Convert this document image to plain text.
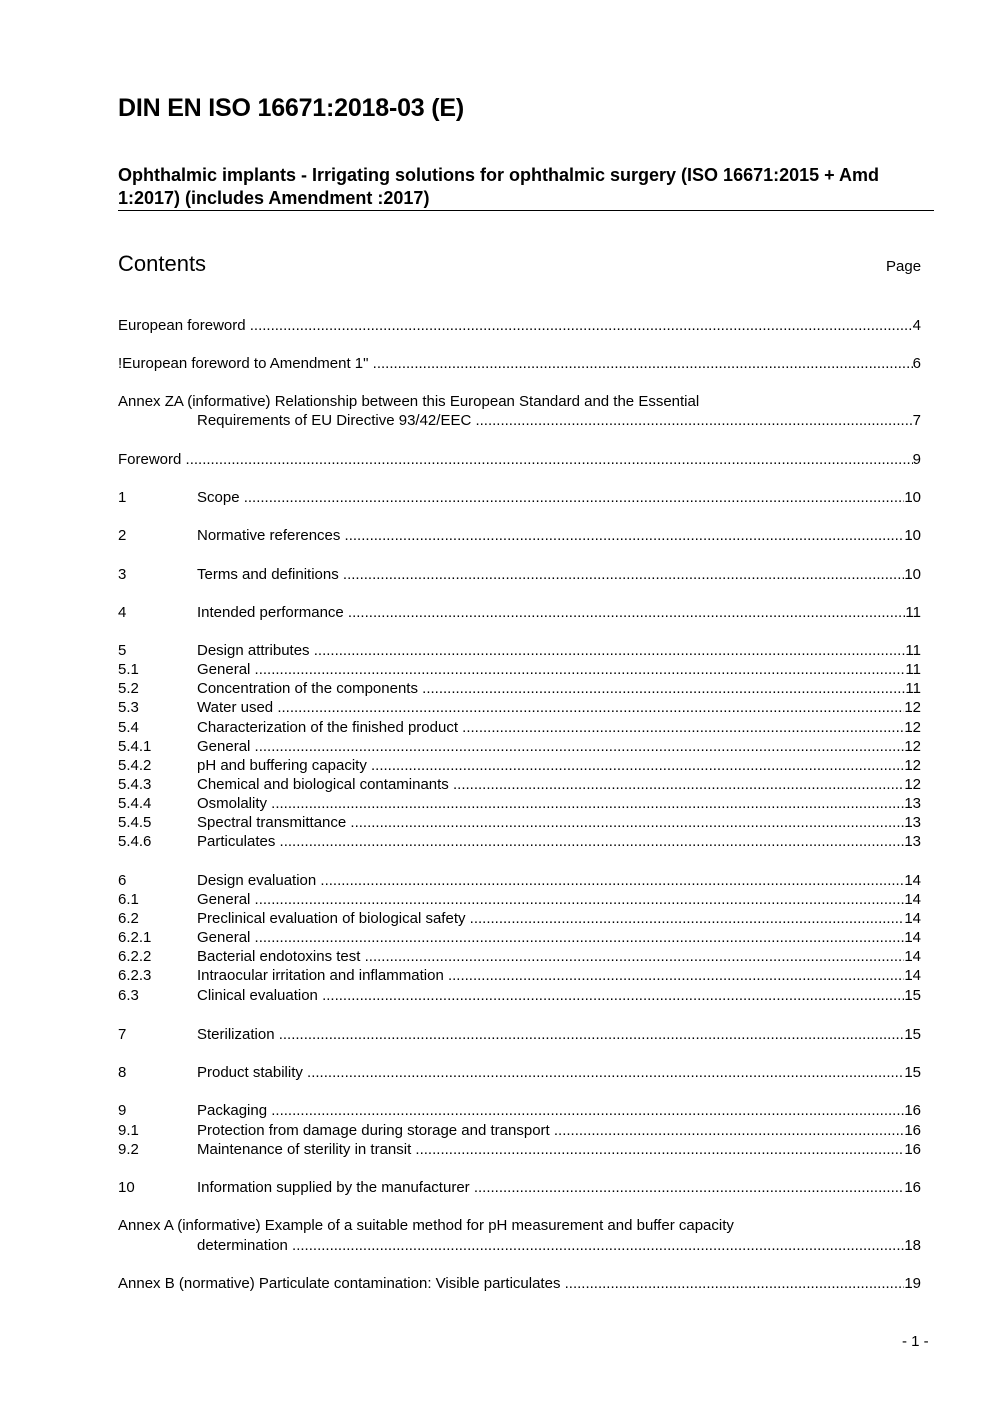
DIN EN ISO 16671:2018-03 (E)
Ophthalmic implants - Irrigating solutions for ophthalmic surgery (ISO 16671:2015 + Amd 1:2017) (includes Amendment :2017)
Contents	Page
European foreword .....	4
!European foreword to Amendment 1" .....	6
Annex ZA (informative) Relationship between this European Standard and the Essential
Requirements of EU Directive 93/42/EEC .....	7
Foreword .....	9
1	Scope .....	10
2	Normative references .....	10
3	Terms and definitions .....	10
4	Intended performance .....	11
5	Design attributes .....	11
5.1	General .....	11
5.2	Concentration of the components .....	11
5.3	Water used .....	12
5.4	Characterization of the finished product .....	12
5.4.1	General .....	12
5.4.2	pH and buffering capacity .....	12
5.4.3	Chemical and biological contaminants .....	12
5.4.4	Osmolality .....	13
5.4.5	Spectral transmittance .....	13
5.4.6	Particulates .....	13
6	Design evaluation .....	14
6.1	General .....	14
6.2	Preclinical evaluation of biological safety .....	14
6.2.1	General .....	14
6.2.2	Bacterial endotoxins test .....	14
6.2.3	Intraocular irritation and inflammation .....	14
6.3	Clinical evaluation .....	15
7	Sterilization .....	15
8	Product stability .....	15
9	Packaging .....	16
9.1	Protection from damage during storage and transport .....	16
9.2	Maintenance of sterility in transit .....	16
10	Information supplied by the manufacturer .....	16
Annex A (informative) Example of a suitable method for pH measurement and buffer capacity
determination .....	18
Annex B (normative) Particulate contamination: Visible particulates .....	19
- 1 -
